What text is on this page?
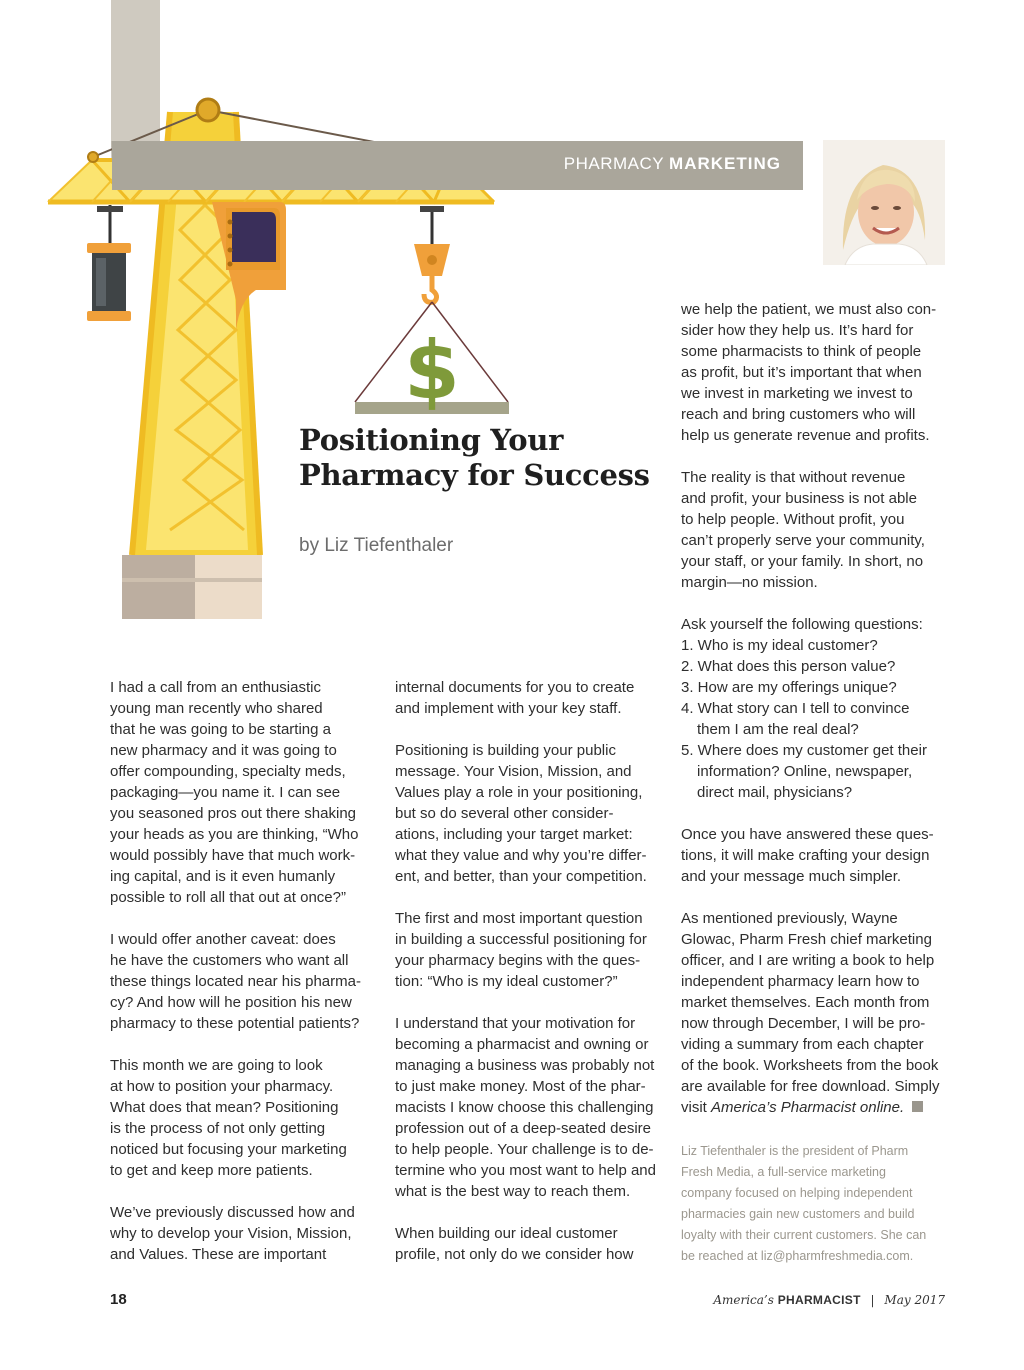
$
PHARMACY MARKETING
Positioning Your
Pharmacy for Success
by Liz Tiefenthaler

I had a call from an enthusiastic
young man recently who shared
that he was going to be starting a
new pharmacy and it was going to
offer compounding, specialty meds,
packaging—you name it. I can see
you seasoned pros out there shaking
your heads as you are thinking, “Who
would possibly have that much work-
ing capital, and is it even humanly
possible to roll all that out at once?”

I would offer another caveat: does
he have the customers who want all
these things located near his pharma-
cy? And how will he position his new
pharmacy to these potential patients?

This month we are going to look
at how to position your pharmacy.
What does that mean? Positioning
is the process of not only getting
noticed but focusing your marketing
to get and keep more patients.

We’ve previously discussed how and
why to develop your Vision, Mission,
and Values. These are important

internal documents for you to create
and implement with your key staff.

Positioning is building your public
message. Your Vision, Mission, and
Values play a role in your positioning,
but so do several other consider-
ations, including your target market:
what they value and why you’re differ-
ent, and better, than your competition.

The first and most important question
in building a successful positioning for
your pharmacy begins with the ques-
tion: “Who is my ideal customer?”

I understand that your motivation for
becoming a pharmacist and owning or
managing a business was probably not
to just make money. Most of the phar-
macists I know choose this challenging
profession out of a deep-seated desire
to help people. Your challenge is to de-
termine who you most want to help and
what is the best way to reach them.

When building our ideal customer
profile, not only do we consider how

we help the patient, we must also con-
sider how they help us. It’s hard for
some pharmacists to think of people
as profit, but it’s important that when
we invest in marketing we invest to
reach and bring customers who will
help us generate revenue and profits.

The reality is that without revenue
and profit, your business is not able
to help people. Without profit, you
can’t properly serve your community,
your staff, or your family. In short, no
margin—no mission.

Ask yourself the following questions:
1. Who is my ideal customer?
2. What does this person value?
3. How are my offerings unique?
4. What story can I tell to convince
them I am the real deal?
5. Where does my customer get their
information? Online, newspaper,
direct mail, physicians?

Once you have answered these ques-
tions, it will make crafting your design
and your message much simpler.

As mentioned previously, Wayne
Glowac, Pharm Fresh chief marketing
officer, and I are writing a book to help
independent pharmacy learn how to
market themselves. Each month from
now through December, I will be pro-
viding a summary from each chapter
of the book. Worksheets from the book
are available for free download. Simply
visit America’s Pharmacist online.

Liz Tiefenthaler is the president of Pharm
Fresh Media, a full-service marketing
company focused on helping independent
pharmacies gain new customers and build
loyalty with their current customers. She can
be reached at liz@pharmfreshmedia.com.
18	America’s PHARMACIST | May 2017
